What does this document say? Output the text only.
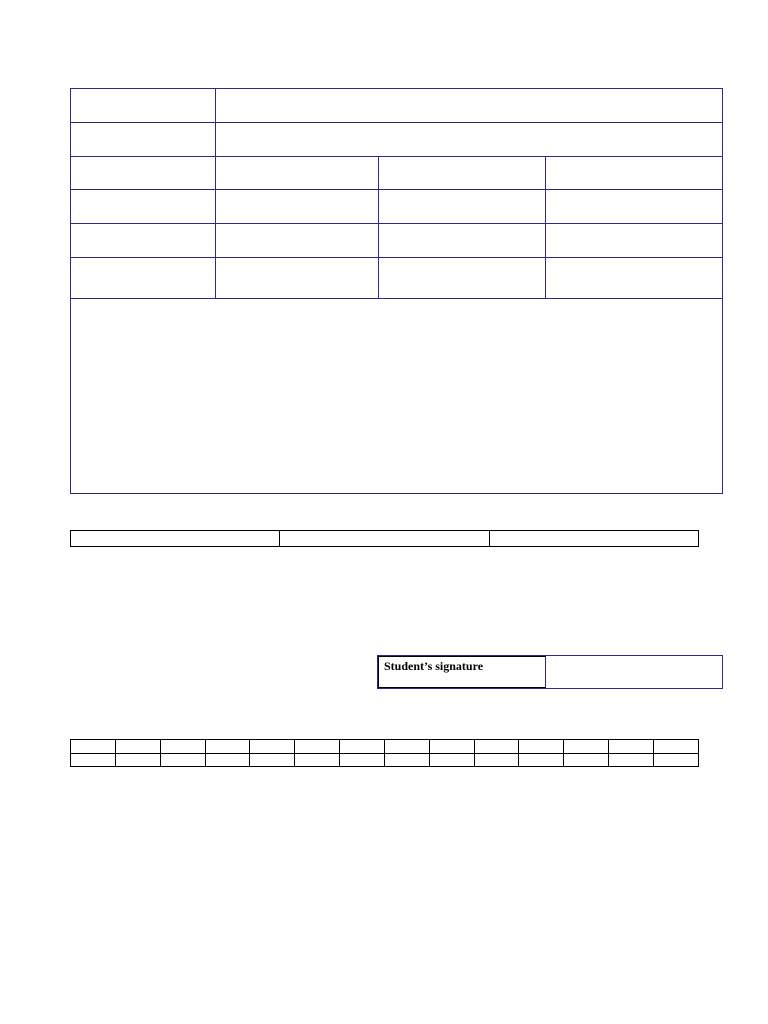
Student’s signature
